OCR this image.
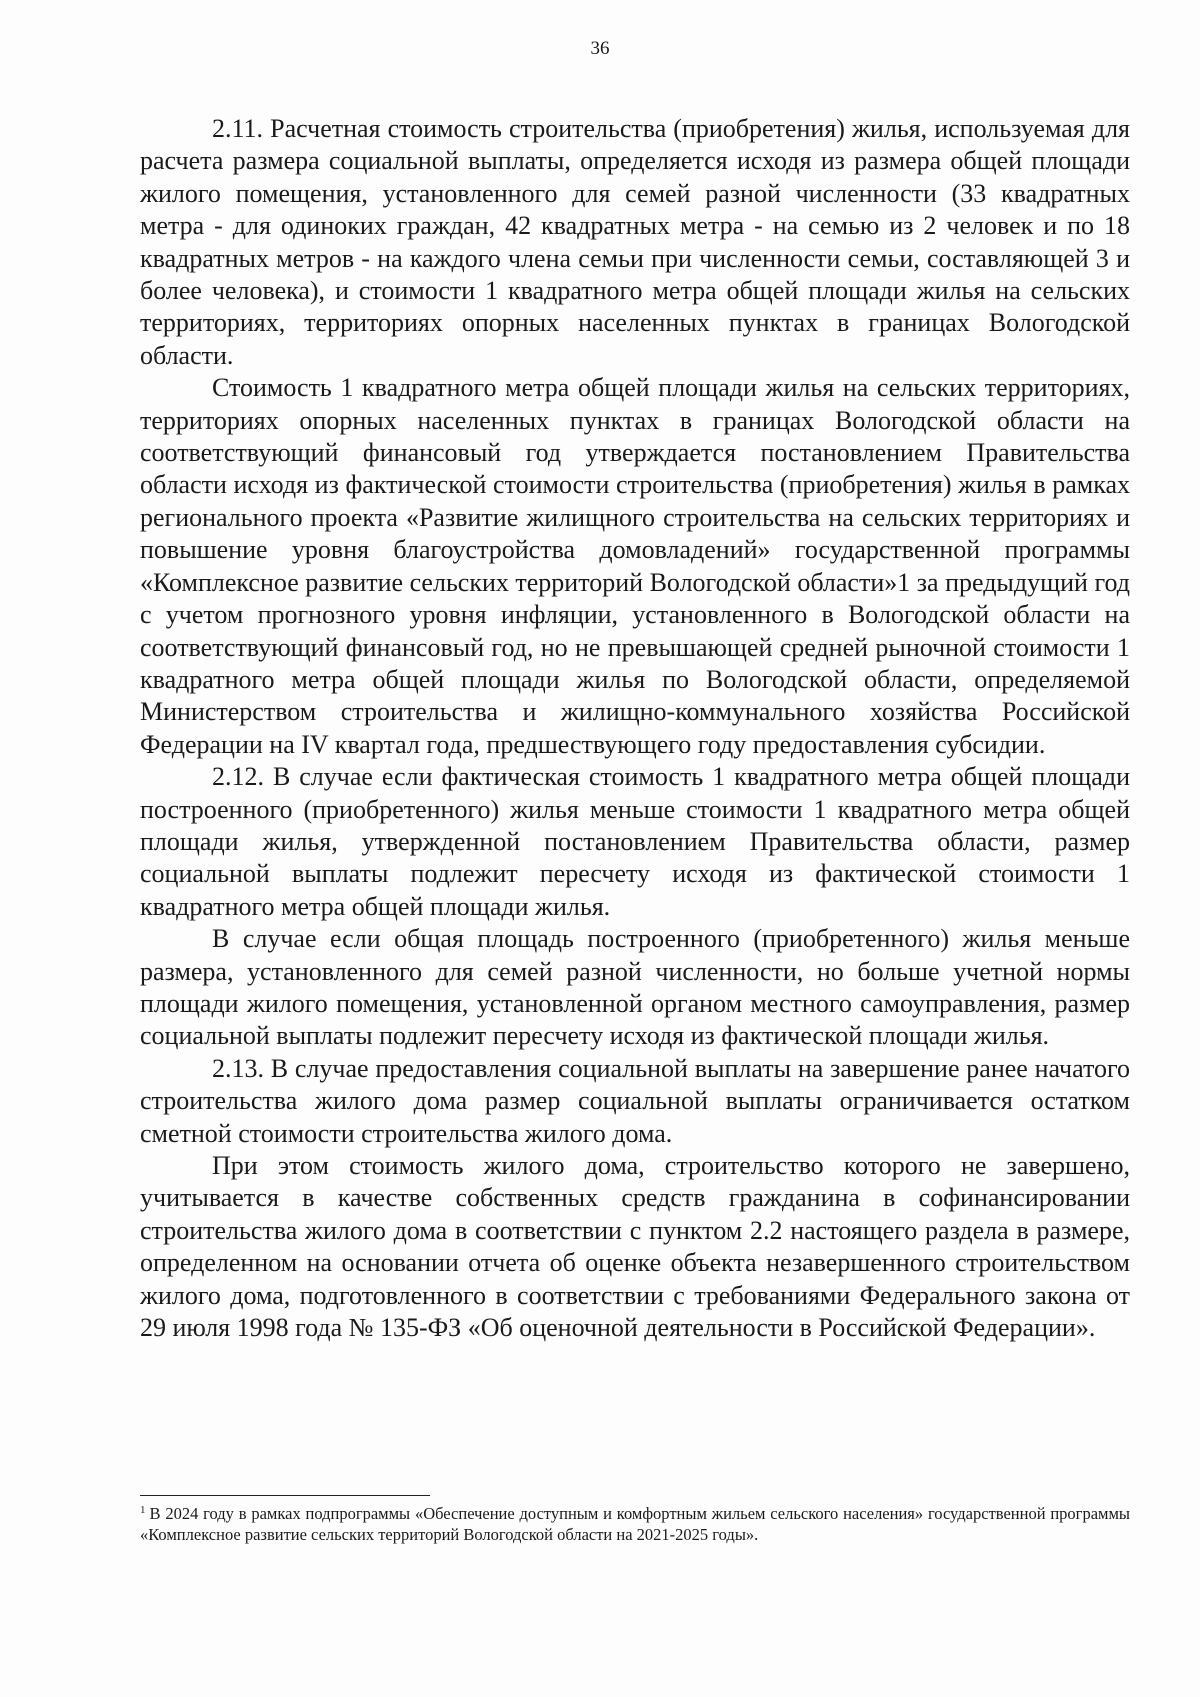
36

2.11. Расчетная стоимость строительства (приобретения) жилья, используемая для расчета размера социальной выплаты, определяется исходя из размера общей площади жилого помещения, установленного для семей разной численности (33 квадратных метра - для одиноких граждан, 42 квадратных метра - на семью из 2 человек и по 18 квадратных метров - на каждого члена семьи при численности семьи, составляющей 3 и более человека), и стоимости 1 квадратного метра общей площади жилья на сельских территориях, территориях опорных населенных пунктах в границах Вологодской области.

Стоимость 1 квадратного метра общей площади жилья на сельских территориях, территориях опорных населенных пунктах в границах Вологодской области на соответствующий финансовый год утверждается постановлением Правительства области исходя из фактической стоимости строительства (приобретения) жилья в рамках регионального проекта «Развитие жилищного строительства на сельских территориях и повышение уровня благоустройства домовладений» государственной программы «Комплексное развитие сельских территорий Вологодской области»1 за предыдущий год с учетом прогнозного уровня инфляции, установленного в Вологодской области на соответствующий финансовый год, но не превышающей средней рыночной стоимости 1 квадратного метра общей площади жилья по Вологодской области, определяемой Министерством строительства и жилищно-коммунального хозяйства Российской Федерации на IV квартал года, предшествующего году предоставления субсидии.

2.12. В случае если фактическая стоимость 1 квадратного метра общей площади построенного (приобретенного) жилья меньше стоимости 1 квадратного метра общей площади жилья, утвержденной постановлением Правительства области, размер социальной выплаты подлежит пересчету исходя из фактической стоимости 1 квадратного метра общей площади жилья.

В случае если общая площадь построенного (приобретенного) жилья меньше размера, установленного для семей разной численности, но больше учетной нормы площади жилого помещения, установленной органом местного самоуправления, размер социальной выплаты подлежит пересчету исходя из фактической площади жилья.

2.13. В случае предоставления социальной выплаты на завершение ранее начатого строительства жилого дома размер социальной выплаты ограничивается остатком сметной стоимости строительства жилого дома.

При этом стоимость жилого дома, строительство которого не завершено, учитывается в качестве собственных средств гражданина в софинансировании строительства жилого дома в соответствии с пунктом 2.2 настоящего раздела в размере, определенном на основании отчета об оценке объекта незавершенного строительством жилого дома, подготовленного в соответствии с требованиями Федерального закона от 29 июля 1998 года № 135-ФЗ «Об оценочной деятельности в Российской Федерации».

$^1$ В 2024 году в рамках подпрограммы «Обеспечение доступным и комфортным жильем сельского населения» государственной программы «Комплексное развитие сельских территорий Вологодской области на 2021-2025 годы».
